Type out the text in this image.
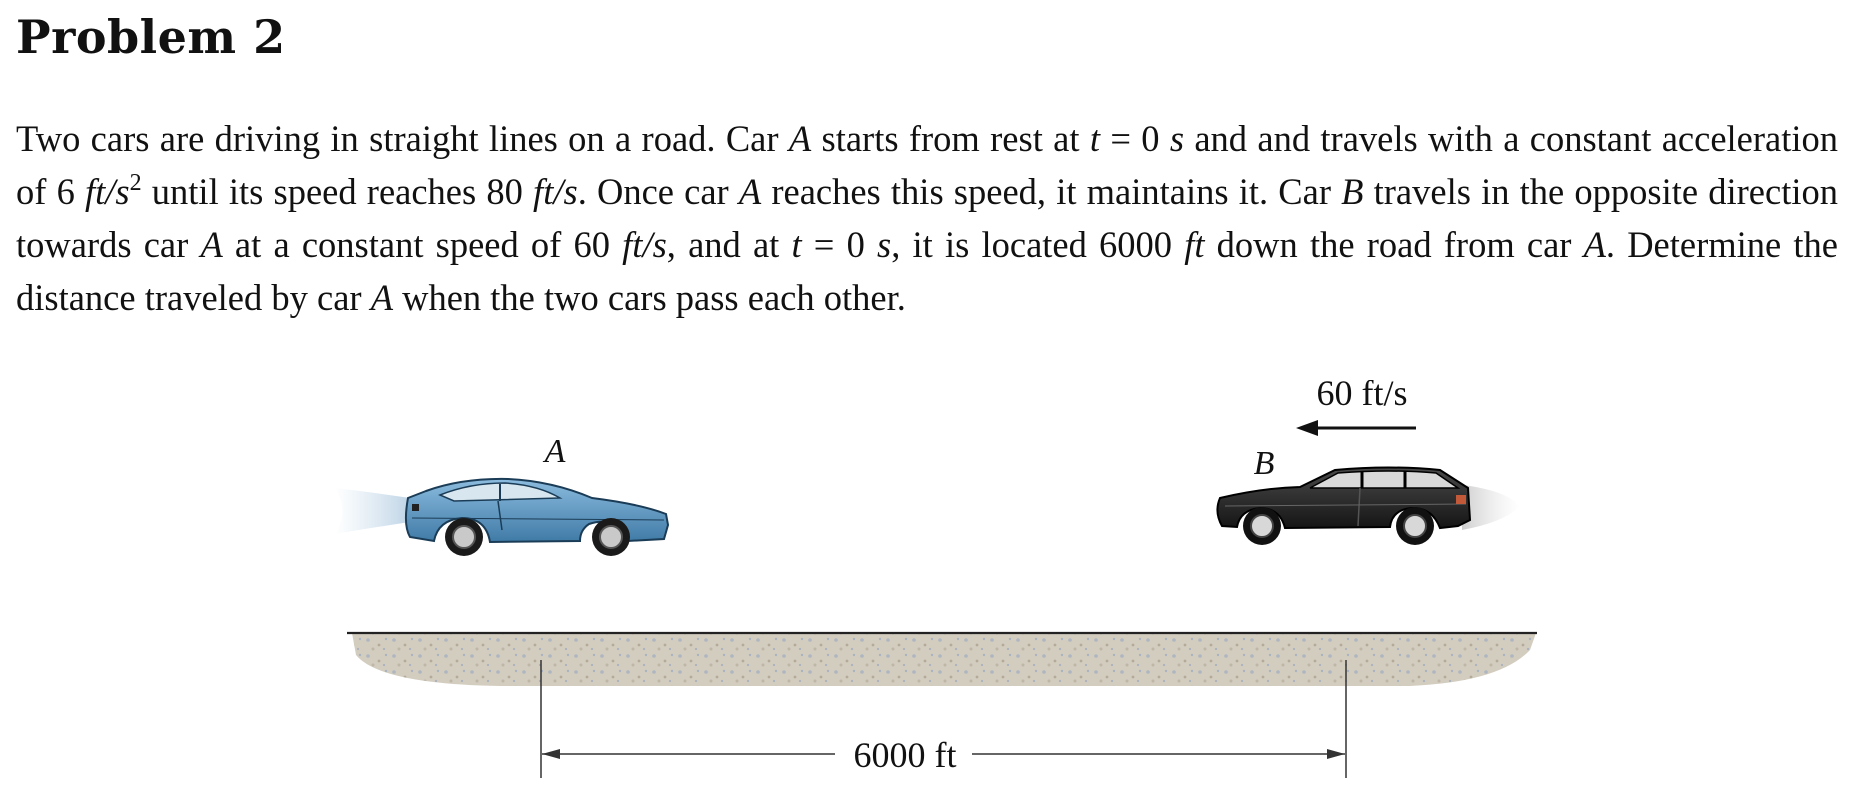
Problem 2

Two cars are driving in straight lines on a road. Car A starts from rest at t = 0 s and and travels with a constant acceleration of 6 $ft/s^2$ until its speed reaches 80 ft/s. Once car A reaches this speed, it maintains it. Car B travels in the opposite direction towards car A at a constant speed of 60 ft/s, and at t = 0 s, it is located 6000 ft down the road from car A. Determine the distance traveled by car A when the two cars pass each other.

A	B
60 ft/s
6000 ft
